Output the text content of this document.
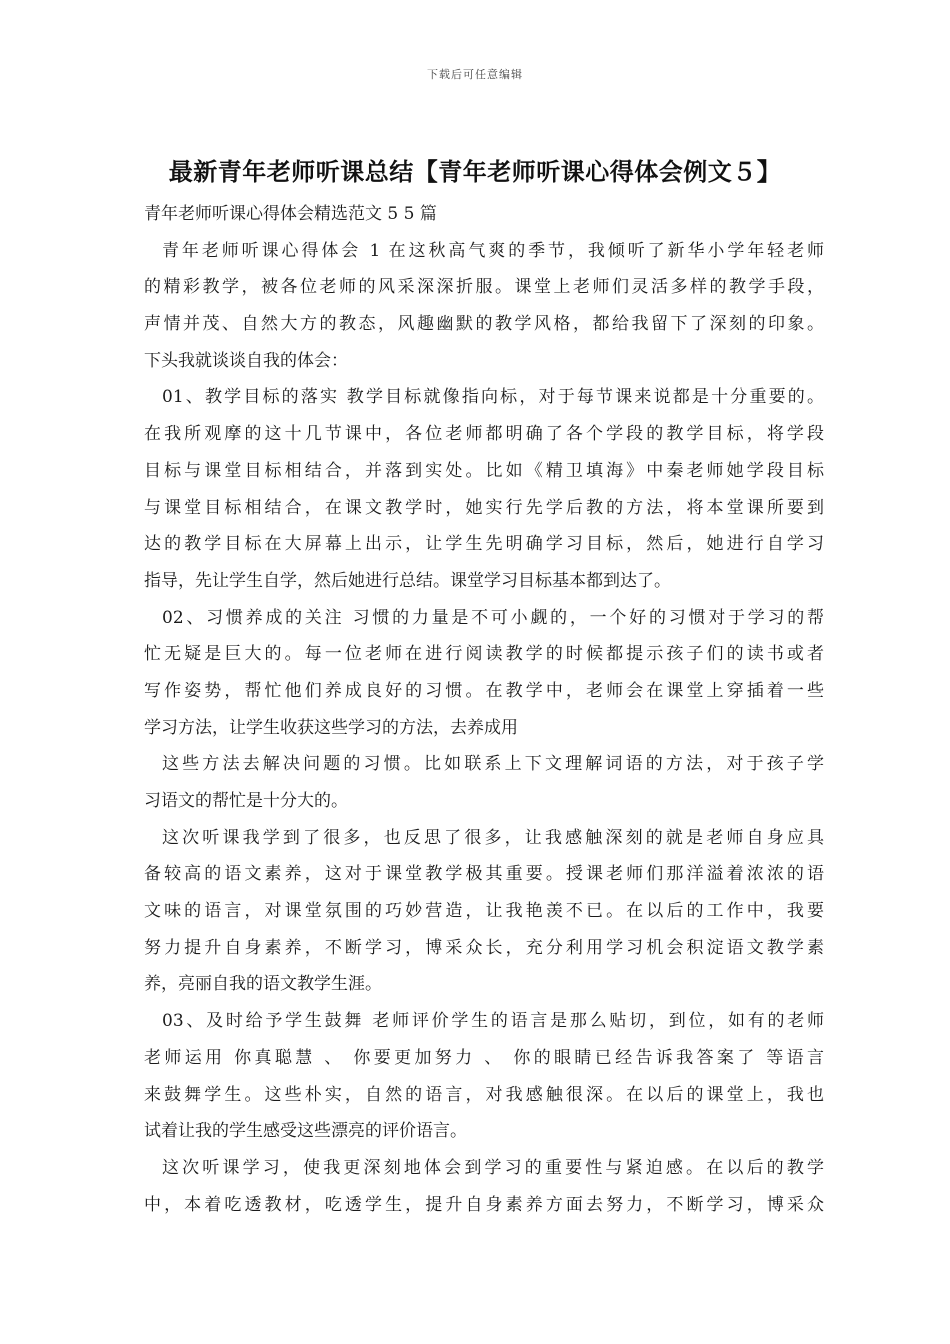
下载后可任意编辑
最新青年老师听课总结【青年老师听课心得体会例文５】
青年老师听课心得体会精选范文 5 5 篇
青年老师听课心得体会 1 在这秋高气爽的季节，我倾听了新华小学年轻老师
的精彩教学，被各位老师的风采深深折服。课堂上老师们灵活多样的教学手段，
声情并茂、自然大方的教态，风趣幽默的教学风格，都给我留下了深刻的印象。
下头我就谈谈自我的体会：
01、教学目标的落实 教学目标就像指向标，对于每节课来说都是十分重要的。
在我所观摩的这十几节课中，各位老师都明确了各个学段的教学目标，将学段
目标与课堂目标相结合，并落到实处。比如《精卫填海》中秦老师她学段目标
与课堂目标相结合，在课文教学时，她实行先学后教的方法，将本堂课所要到
达的教学目标在大屏幕上出示，让学生先明确学习目标，然后，她进行自学习
指导，先让学生自学，然后她进行总结。课堂学习目标基本都到达了。
02、习惯养成的关注 习惯的力量是不可小觑的，一个好的习惯对于学习的帮
忙无疑是巨大的。每一位老师在进行阅读教学的时候都提示孩子们的读书或者
写作姿势，帮忙他们养成良好的习惯。在教学中，老师会在课堂上穿插着一些
学习方法，让学生收获这些学习的方法，去养成用
这些方法去解决问题的习惯。比如联系上下文理解词语的方法，对于孩子学
习语文的帮忙是十分大的。
这次听课我学到了很多，也反思了很多，让我感触深刻的就是老师自身应具
备较高的语文素养，这对于课堂教学极其重要。授课老师们那洋溢着浓浓的语
文味的语言，对课堂氛围的巧妙营造，让我艳羡不已。在以后的工作中，我要
努力提升自身素养，不断学习，博采众长，充分利用学习机会积淀语文教学素
养，亮丽自我的语文教学生涯。
03、及时给予学生鼓舞 老师评价学生的语言是那么贴切，到位，如有的老师
老师运用 你真聪慧 、 你要更加努力 、 你的眼睛已经告诉我答案了 等语言
来鼓舞学生。这些朴实，自然的语言，对我感触很深。在以后的课堂上，我也
试着让我的学生感受这些漂亮的评价语言。
这次听课学习，使我更深刻地体会到学习的重要性与紧迫感。在以后的教学
中，本着吃透教材，吃透学生，提升自身素养方面去努力，不断学习，博采众
